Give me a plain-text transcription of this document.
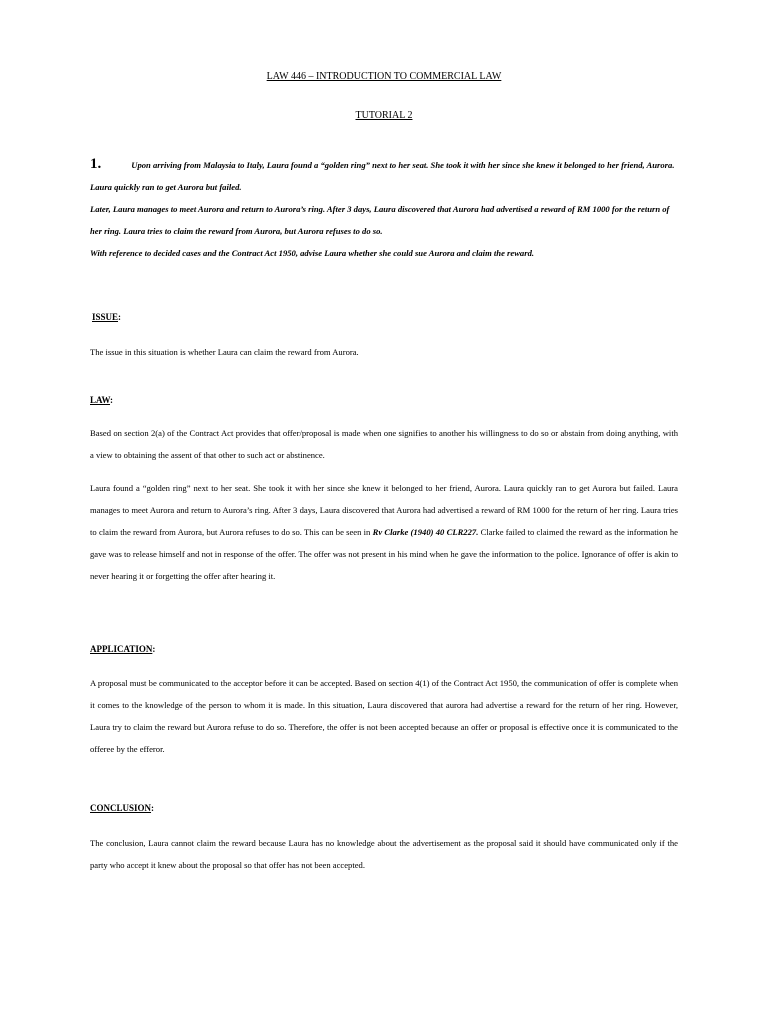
LAW 446 – INTRODUCTION TO COMMERCIAL LAW
TUTORIAL 2

1.	Upon arriving from Malaysia to Italy, Laura found a “golden ring” next to her seat. She took it with her since she knew it belonged to her friend, Aurora. Laura quickly ran to get Aurora but failed.

Later, Laura manages to meet Aurora and return to Aurora’s ring. After 3 days, Laura discovered that Aurora had advertised a reward of RM 1000 for the return of her ring. Laura tries to claim the reward from Aurora, but Aurora refuses to do so.

With reference to decided cases and the Contract Act 1950, advise Laura whether she could sue Aurora and claim the reward.

ISSUE:
The issue in this situation is whether Laura can claim the reward from Aurora.
LAW:
Based on section 2(a) of the Contract Act provides that offer/proposal is made when one signifies to another his willingness to do so or abstain from doing anything, with a view to obtaining the assent of that other to such act or abstinence.
Laura found a “golden ring” next to her seat. She took it with her since she knew it belonged to her friend, Aurora. Laura quickly ran to get Aurora but failed. Laura manages to meet Aurora and return to Aurora’s ring. After 3 days, Laura discovered that Aurora had advertised a reward of RM 1000 for the return of her ring. Laura tries to claim the reward from Aurora, but Aurora refuses to do so. This can be seen in Rv Clarke (1940) 40 CLR227. Clarke failed to claimed the reward as the information he gave was to release himself and not in response of the offer. The offer was not present in his mind when he gave the information to the police. Ignorance of offer is akin to never hearing it or forgetting the offer after hearing it.
APPLICATION:
A proposal must be communicated to the acceptor before it can be accepted. Based on section 4(1) of the Contract Act 1950, the communication of offer is complete when it comes to the knowledge of the person to whom it is made. In this situation, Laura discovered that aurora had advertise a reward for the return of her ring. However, Laura try to claim the reward but Aurora refuse to do so. Therefore, the offer is not been accepted because an offer or proposal is effective once it is communicated to the offeree by the efferor.
CONCLUSION:
The conclusion, Laura cannot claim the reward because Laura has no knowledge about the advertisement as the proposal said it should have communicated only if the party who accept it knew about the proposal so that offer has not been accepted.
